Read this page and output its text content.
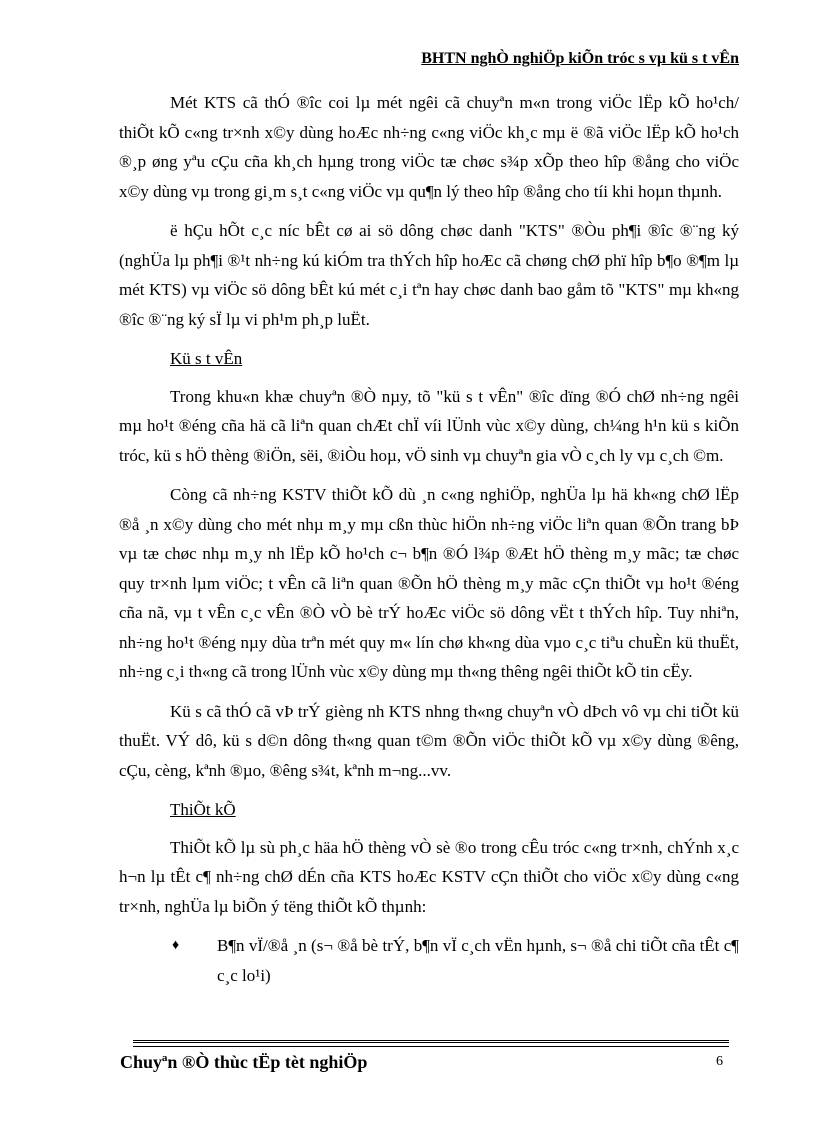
BHTN nghÒ nghiÖp kiÕn tróc s vµ kü s t vÊn

Mét KTS cã thÓ ®îc coi lµ mét ngêi cã chuyªn m«n trong viÖc lËp kÕ ho¹ch/ thiÕt kÕ c«ng tr×nh x©y dùng hoÆc nh÷ng c«ng viÖc kh¸c mµ ë ®ã viÖc lËp kÕ ho¹ch ®¸p øng yªu cÇu cña kh¸ch hµng trong viÖc tæ chøc s¾p xÕp theo hîp ®ång cho viÖc x©y dùng vµ trong gi¸m s¸t c«ng viÖc vµ qu¶n lý theo hîp ®ång cho tíi khi hoµn thµnh.

ë hÇu hÕt c¸c níc bÊt cø ai sö dông chøc danh "KTS" ®Òu ph¶i ®îc ®¨ng ký (nghÜa lµ ph¶i ®¹t nh÷ng kú kiÓm tra thÝch hîp hoÆc cã chøng chØ phï hîp b¶o ®¶m lµ mét KTS) vµ viÖc sö dông bÊt kú mét c¸i tªn hay chøc danh bao gåm tõ "KTS" mµ kh«ng ®îc ®¨ng ký sÏ lµ vi ph¹m ph¸p luËt.

Kü s t vÊn

Trong khu«n khæ chuyªn ®Ò nµy, tõ "kü s t vÊn" ®îc dïng ®Ó chØ nh÷ng ngêi mµ ho¹t ®éng cña hä cã liªn quan chÆt chÏ víi lÜnh vùc x©y dùng, ch¼ng h¹n kü s kiÕn tróc, kü s hÖ thèng ®iÖn, sëi, ®iÒu hoµ, vÖ sinh vµ chuyªn gia vÒ c¸ch ly vµ c¸ch ©m.

Còng cã nh÷ng KSTV thiÕt kÕ dù ¸n c«ng nghiÖp, nghÜa lµ hä kh«ng chØ lËp ®å ¸n x©y dùng cho mét nhµ m¸y mµ cßn thùc hiÖn nh÷ng viÖc liªn quan ®Õn trang bÞ vµ tæ chøc nhµ m¸y nh lËp kÕ ho¹ch c¬ b¶n ®Ó l¾p ®Æt hÖ thèng m¸y mãc; tæ chøc quy tr×nh lµm viÖc; t vÊn cã liªn quan ®Õn hÖ thèng m¸y mãc cÇn thiÕt vµ ho¹t ®éng cña nã, vµ t vÊn c¸c vÊn ®Ò vÒ bè trÝ hoÆc viÖc sö dông vËt t thÝch hîp. Tuy nhiªn, nh÷ng ho¹t ®éng nµy dùa trªn mét quy m« lín chø kh«ng dùa vµo c¸c tiªu chuÈn kü thuËt, nh÷ng c¸i th«ng cã trong lÜnh vùc x©y dùng mµ th«ng thêng ngêi thiÕt kÕ tin cËy.

Kü s cã thÓ cã vÞ trÝ gièng nh KTS nhng th«ng chuyªn vÒ dÞch vô vµ chi tiÕt kü thuËt. VÝ dô, kü s d©n dông th«ng quan t©m ®Õn viÖc thiÕt kÕ vµ x©y dùng ®êng, cÇu, cèng, kªnh ®µo, ®êng s¾t, kªnh m¬ng...vv.

ThiÕt kÕ

ThiÕt kÕ lµ sù ph¸c häa hÖ thèng vÒ sè ®o trong cÊu tróc c«ng tr×nh, chÝnh x¸c h¬n lµ tÊt c¶ nh÷ng chØ dÉn cña KTS hoÆc KSTV cÇn thiÕt cho viÖc x©y dùng c«ng tr×nh, nghÜa lµ biÕn ý tëng thiÕt kÕ thµnh:

♦ B¶n vÏ/®å ¸n (s¬ ®å bè trÝ, b¶n vÏ c¸ch vËn hµnh, s¬ ®å chi tiÕt cña tÊt c¶ c¸c lo¹i)
Chuyªn ®Ò thùc tËp tèt nghiÖp	6
